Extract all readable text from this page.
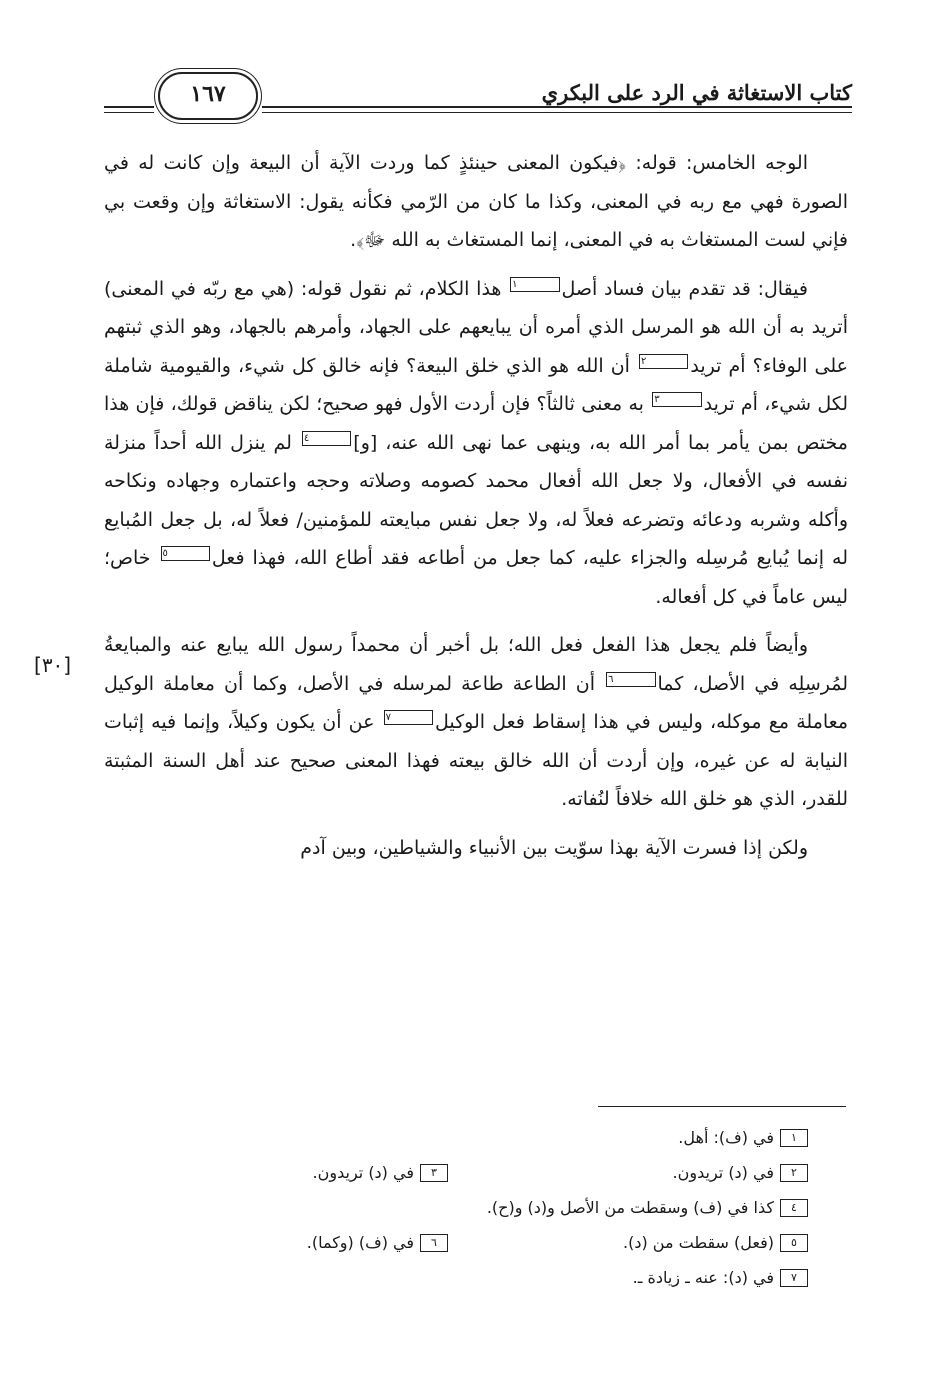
كتاب الاستغاثة في الرد على البكري
١٦٧

الوجه الخامس: قوله: ﴿فيكون المعنى حينئذٍ كما وردت الآية أن البيعة وإن كانت له في الصورة فهي مع ربه في المعنى، وكذا ما كان من الرّمي فكأنه يقول: الاستغاثة وإن وقعت بي فإني لست المستغاث به في المعنى، إنما المستغاث به الله ﷻ﴾.

فيقال: قد تقدم بيان فساد أصل١ هذا الكلام، ثم نقول قوله: (هي مع ربّه في المعنى) أتريد به أن الله هو المرسل الذي أمره أن يبايعهم على الجهاد، وأمرهم بالجهاد، وهو الذي ثبتهم على الوفاء؟ أم تريد٢ أن الله هو الذي خلق البيعة؟ فإنه خالق كل شيء، والقيومية شاملة لكل شيء، أم تريد٣ به معنى ثالثاً؟ فإن أردت الأول فهو صحيح؛ لكن يناقض قولك، فإن هذا مختص بمن يأمر بما أمر الله به، وينهى عما نهى الله عنه، [و]٤ لم ينزل الله أحداً منزلة نفسه في الأفعال، ولا جعل الله أفعال محمد كصومه وصلاته وحجه واعتماره وجهاده ونكاحه وأكله وشربه ودعائه وتضرعه فعلاً له، ولا جعل نفس مبايعته للمؤمنين/ فعلاً له، بل جعل المُبايع له إنما يُبايع مُرسِله والجزاء عليه، كما جعل من أطاعه فقد أطاع الله، فهذا فعل٥ خاص؛ ليس عاماً في كل أفعاله.

وأيضاً فلم يجعل هذا الفعل فعل الله؛ بل أخبر أن محمداً رسول الله يبايع عنه والمبايعةُ لمُرسِلِه في الأصل، كما٦ أن الطاعة طاعة لمرسله في الأصل، وكما أن معاملة الوكيل معاملة مع موكله، وليس في هذا إسقاط فعل الوكيل٧ عن أن يكون وكيلاً، وإنما فيه إثبات النيابة له عن غيره، وإن أردت أن الله خالق بيعته فهذا المعنى صحيح عند أهل السنة المثبتة للقدر، الذي هو خلق الله خلافاً لنُفاته.

ولكن إذا فسرت الآية بهذا سوّيت بين الأنبياء والشياطين، وبين آدم

[٣٠]
١
في (ف): أهل.
٢
في (د) تريدون.
٣
في (د) تريدون.
٤
كذا في (ف) وسقطت من الأصل و(د) و(ح).
٥
(فعل) سقطت من (د).
٦
في (ف) (وكما).
٧
في (د): عنه ـ زيادة ـ.
